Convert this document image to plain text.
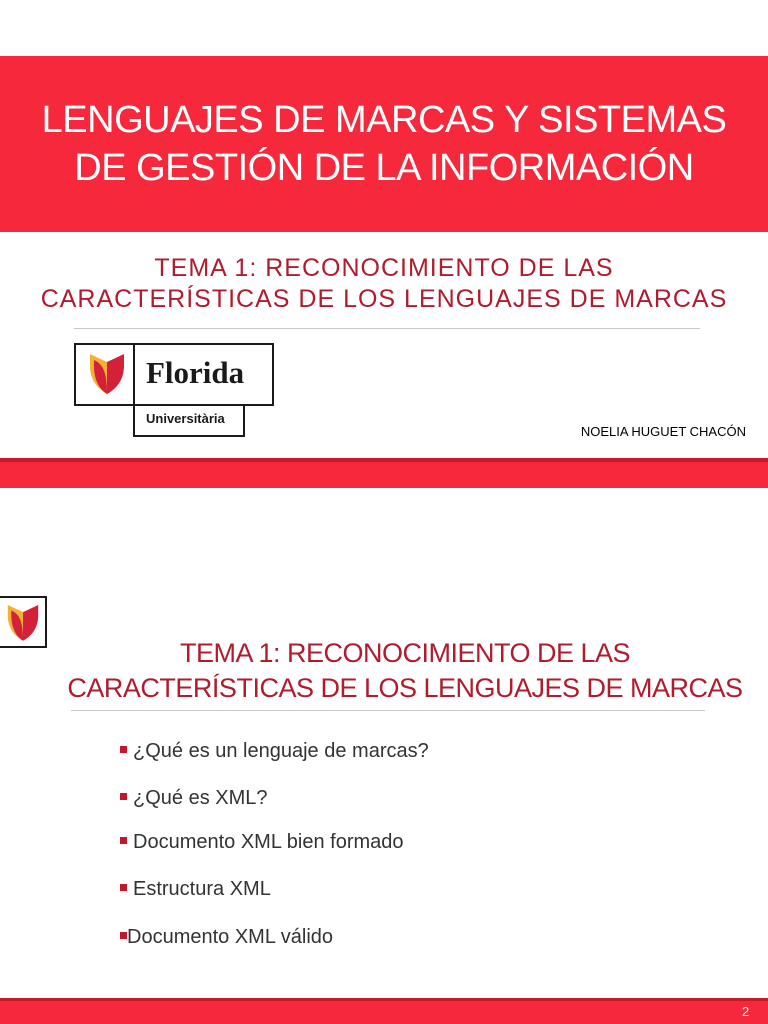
LENGUAJES DE MARCAS Y SISTEMAS
DE GESTIÓN DE LA INFORMACIÓN
TEMA 1: RECONOCIMIENTO DE LAS
CARACTERÍSTICAS DE LOS LENGUAJES DE MARCAS
Florida
Universitària
NOELIA HUGUET CHACÓN
TEMA 1: RECONOCIMIENTO DE LAS
CARACTERÍSTICAS DE LOS LENGUAJES DE MARCAS
¿Qué es un lenguaje de marcas?
¿Qué es XML?
Documento XML bien formado
Estructura XML
Documento XML válido
2
